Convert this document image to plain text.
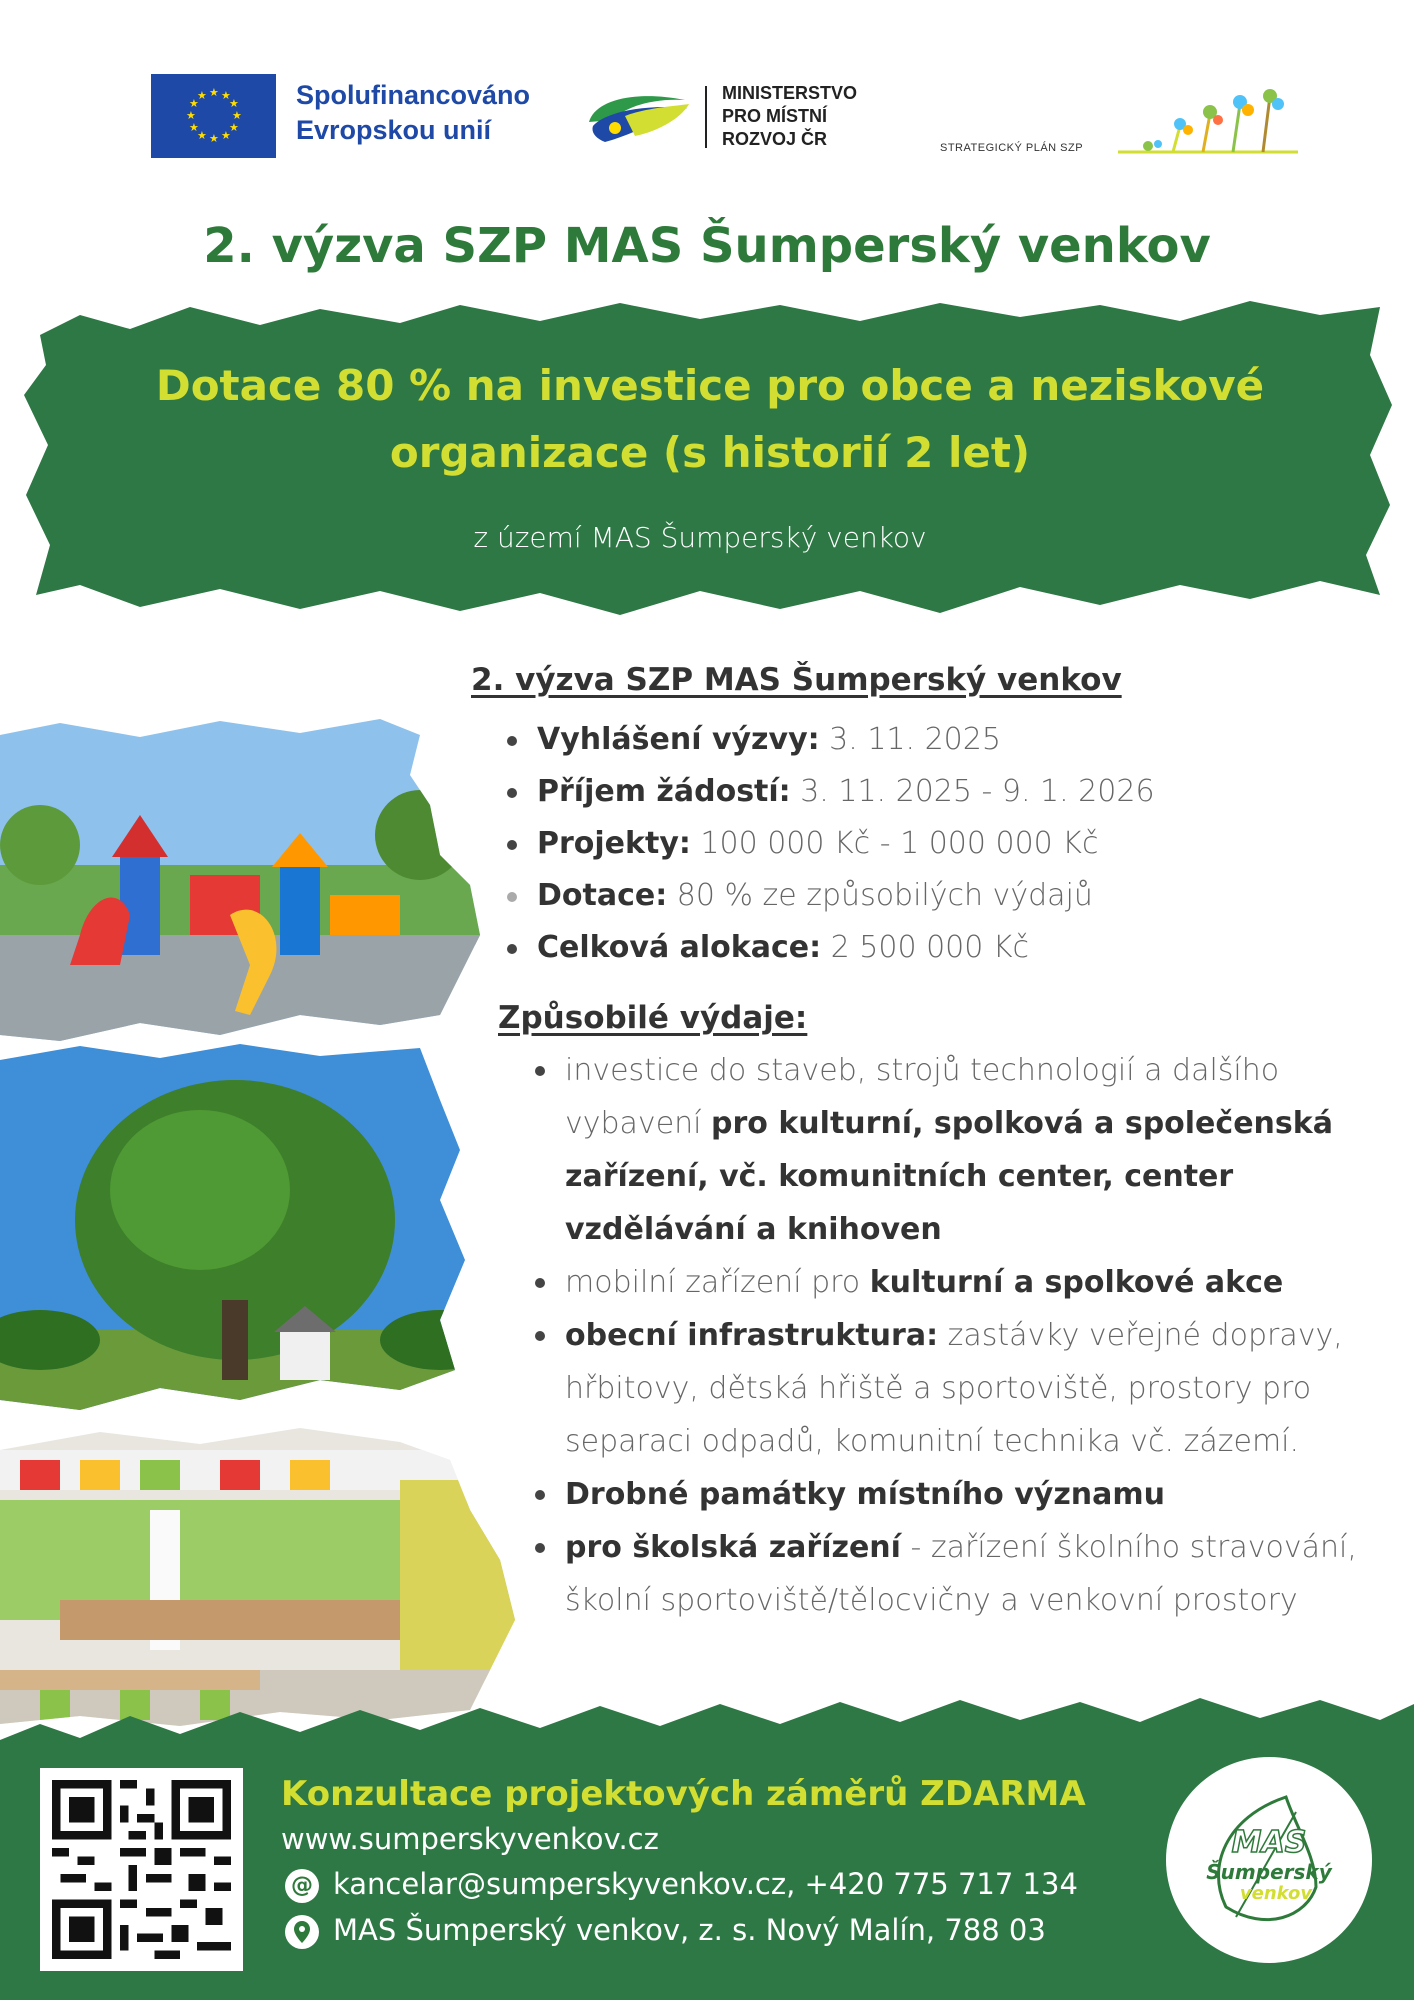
★ ★
★
★
★
★
★
★
★
★
★
★	Spolufinancováno
Evropskou unií
MINISTERSTVO
PRO MÍSTNÍ
ROZVOJ ČR	STRATEGICKÝ PLÁN SZP
2. výzva SZP MAS Šumperský venkov
Dotace 80 % na investice pro obce a neziskové
organizace (s historií 2 let)
z území MAS Šumperský venkov
2. výzva SZP MAS Šumperský venkov
Vyhlášení výzvy: 3. 11. 2025
Příjem žádostí: 3. 11. 2025 - 9. 1. 2026
Projekty: 100 000 Kč - 1 000 000 Kč
Dotace: 80 % ze způsobilých výdajů
Celková alokace: 2 500 000 Kč
Způsobilé výdaje:
investice do staveb, strojů technologií a dalšího vybavení pro kulturní, spolková a společenská zařízení, vč. komunitních center, center vzdělávání a knihoven
mobilní zařízení pro kulturní a spolkové akce
obecní infrastruktura: zastávky veřejné dopravy, hřbitovy, dětská hřiště a sportoviště, prostory pro separaci odpadů, komunitní technika vč. zázemí.
Drobné památky místního významu
pro školská zařízení - zařízení školního stravování, školní sportoviště/tělocvičny a venkovní prostory
Konzultace projektových záměrů ZDARMA
www.sumperskyvenkov.cz
@ kancelar@sumperskyvenkov.cz, +420 775 717 134
MAS Šumperský venkov, z. s. Nový Malín, 788 03
MAS
Šumperský
venkov
